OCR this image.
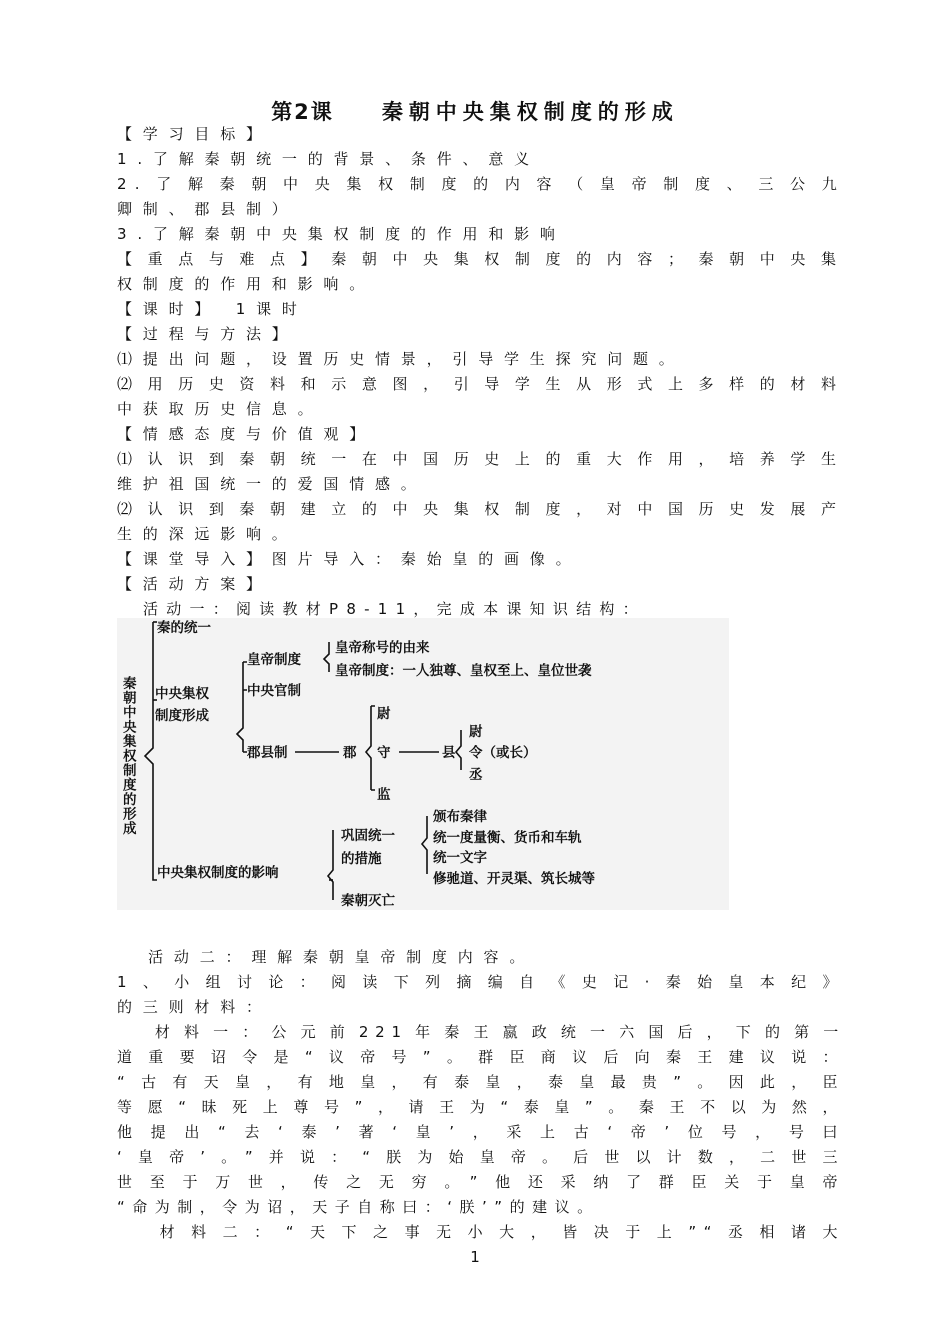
第2课 秦朝中央集权制度的形成
【学习目标】
1.了解秦朝统一的背景、条件、意义
2.了解秦朝中央集权制度的内容（皇帝制度、三公九
卿制、郡县制）
3.了解秦朝中央集权制度的作用和影响
【重点与难点】秦朝中央集权制度的内容；秦朝中央集
权制度的作用和影响。
【课时】 1课时
【过程与方法】
⑴提出问题，设置历史情景，引导学生探究问题。
⑵用历史资料和示意图，引导学生从形式上多样的材料
中获取历史信息。
【情感态度与价值观】
⑴认识到秦朝统一在中国历史上的重大作用，培养学生
维护祖国统一的爱国情感。
⑵认识到秦朝建立的中央集权制度，对中国历史发展产
生的深远影响。
【课堂导入】图片导入：秦始皇的画像。
【活动方案】
活动一：阅读教材P8-11，完成本课知识结构：
秦朝中央集权制度的形成
秦的统一
中央集权
制度形成
皇帝制度
皇帝称号的由来
皇帝制度：一人独尊、皇权至上、皇位世袭
中央官制
郡县制	郡
尉
守
监
县
尉
令（或长）
丞
巩固统一
的措施
颁布秦律
统一度量衡、货币和车轨
统一文字
修驰道、开灵渠、筑长城等
中央集权制度的影响
秦朝灭亡
活动二：理解秦朝皇帝制度内容。
1、小组讨论：阅读下列摘编自《史记·秦始皇本纪》
的三则材料：
材料一：公元前221年秦王嬴政统一六国后，下的第一
道重要诏令是“议帝号”。群臣商议后向秦王建议说：
“古有天皇，有地皇，有泰皇，泰皇最贵”。因此，臣
等愿“昧死上尊号”，请王为“泰皇”。秦王不以为然，
他提出“去‘泰’著‘皇’，采上古‘帝’位号，号曰
‘皇帝’。”并说：“朕为始皇帝。后世以计数，二世三
世至于万世，传之无穷。”他还采纳了群臣关于皇帝
“命为制，令为诏，天子自称曰：‘朕’”的建议。
材料二：“天下之事无小大，皆决于上”“丞相诸大
1
